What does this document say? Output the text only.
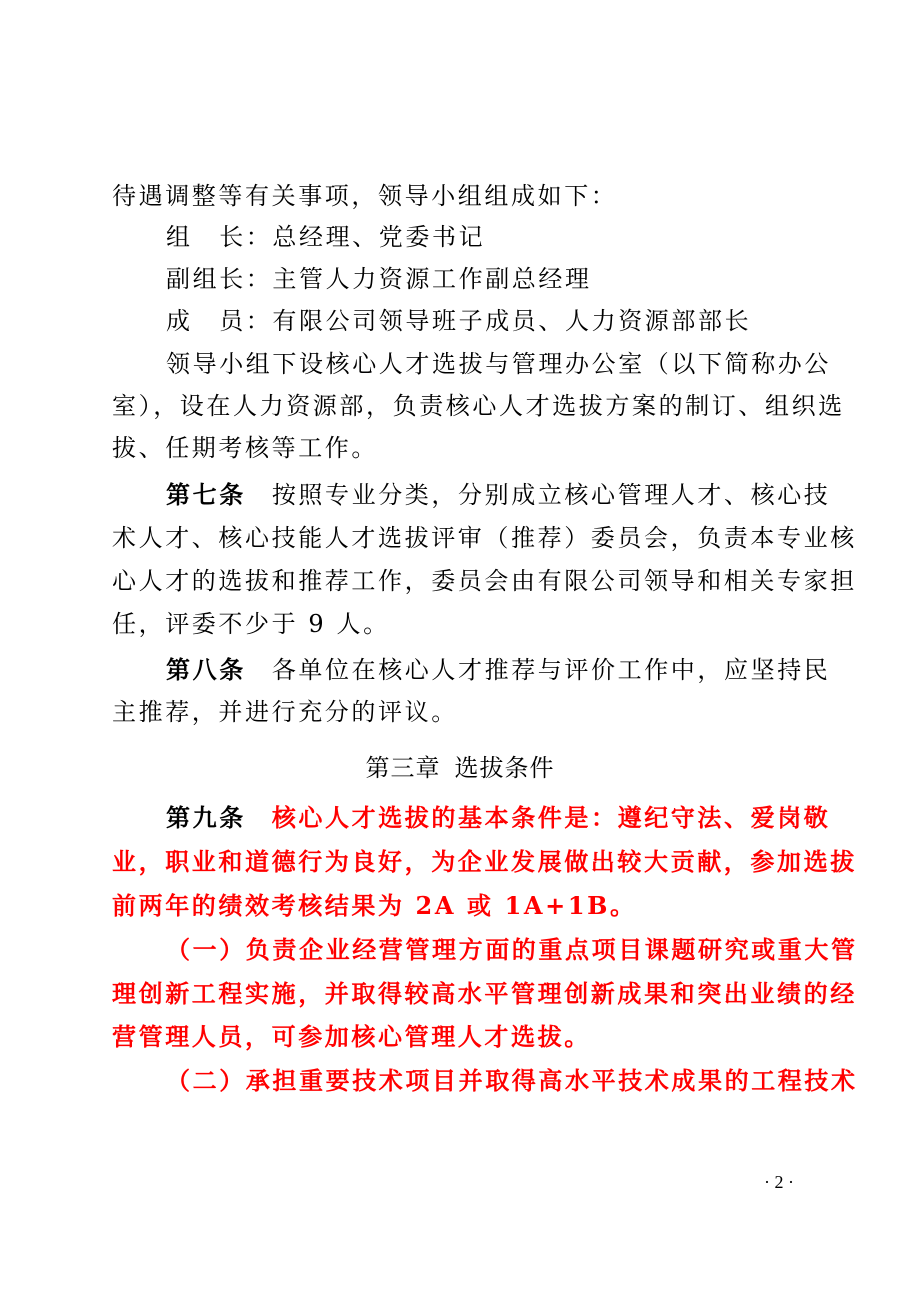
待遇调整等有关事项，领导小组组成如下：
组　长：总经理、党委书记
副组长：主管人力资源工作副总经理
成　员：有限公司领导班子成员、人力资源部部长
领导小组下设核心人才选拔与管理办公室（以下简称办公
室），设在人力资源部，负责核心人才选拔方案的制订、组织选
拔、任期考核等工作。
第七条 按照专业分类，分别成立核心管理人才、核心技
术人才、核心技能人才选拔评审（推荐）委员会，负责本专业核
心人才的选拔和推荐工作，委员会由有限公司领导和相关专家担
任，评委不少于 9 人。
第八条 各单位在核心人才推荐与评价工作中，应坚持民
主推荐，并进行充分的评议。
第三章 选拔条件
第九条 核心人才选拔的基本条件是：遵纪守法、爱岗敬
业，职业和道德行为良好，为企业发展做出较大贡献，参加选拔
前两年的绩效考核结果为 2A 或 1A+1B。
（一）负责企业经营管理方面的重点项目课题研究或重大管
理创新工程实施，并取得较高水平管理创新成果和突出业绩的经
营管理人员，可参加核心管理人才选拔。
（二）承担重要技术项目并取得高水平技术成果的工程技术
· 2 ·
